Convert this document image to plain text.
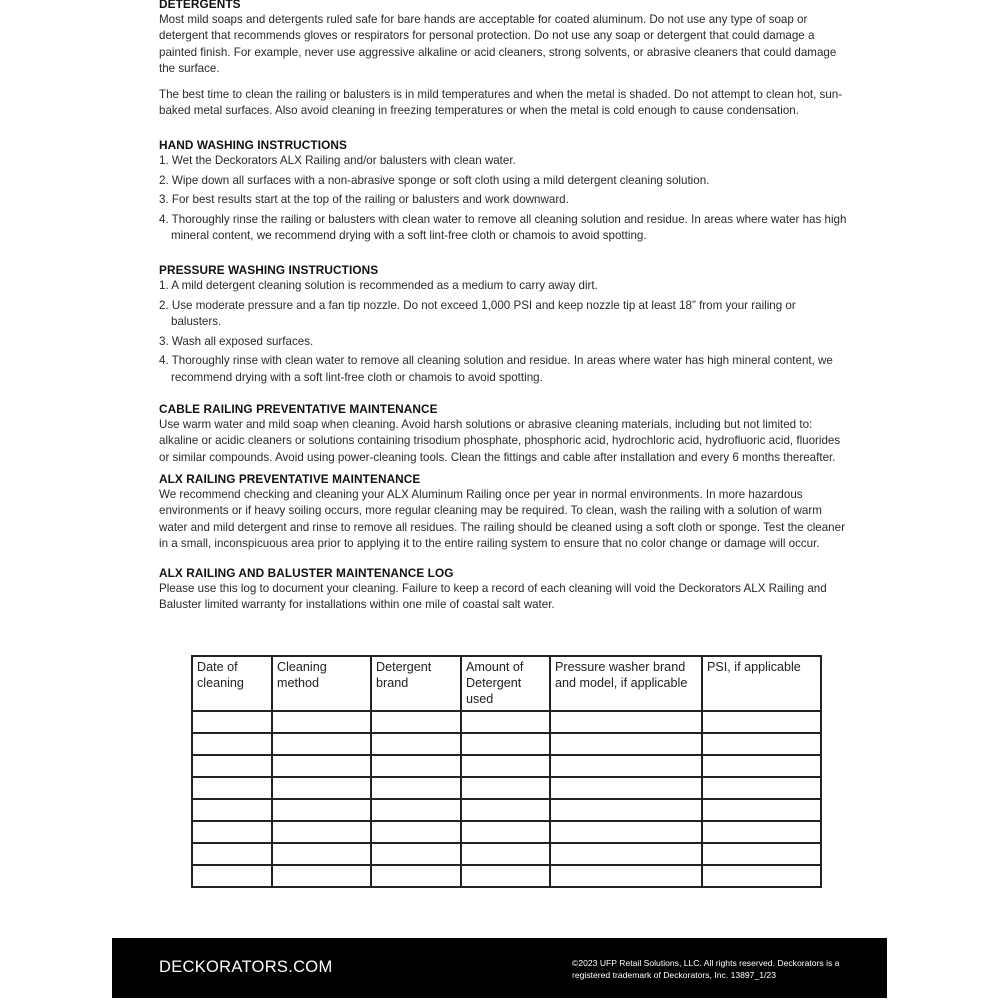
DETERGENTS

Most mild soaps and detergents ruled safe for bare hands are acceptable for coated aluminum. Do not use any type of soap or detergent that recommends gloves or respirators for personal protection. Do not use any soap or detergent that could damage a painted finish. For example, never use aggressive alkaline or acid cleaners, strong solvents, or abrasive cleaners that could damage the surface.

The best time to clean the railing or balusters is in mild temperatures and when the metal is shaded. Do not attempt to clean hot, sun-baked metal surfaces. Also avoid cleaning in freezing temperatures or when the metal is cold enough to cause condensation.

HAND WASHING INSTRUCTIONS
1. Wet the Deckorators ALX Railing and/or balusters with clean water.
2. Wipe down all surfaces with a non-abrasive sponge or soft cloth using a mild detergent cleaning solution.
3. For best results start at the top of the railing or balusters and work downward.
4. Thoroughly rinse the railing or balusters with clean water to remove all cleaning solution and residue. In areas where water has high mineral content, we recommend drying with a soft lint-free cloth or chamois to avoid spotting.
PRESSURE WASHING INSTRUCTIONS
1. A mild detergent cleaning solution is recommended as a medium to carry away dirt.
2. Use moderate pressure and a fan tip nozzle. Do not exceed 1,000 PSI and keep nozzle tip at least 18” from your railing or balusters.
3. Wash all exposed surfaces.
4. Thoroughly rinse with clean water to remove all cleaning solution and residue. In areas where water has high mineral content, we recommend drying with a soft lint-free cloth or chamois to avoid spotting.
CABLE RAILING PREVENTATIVE MAINTENANCE

Use warm water and mild soap when cleaning. Avoid harsh solutions or abrasive cleaning materials, including but not limited to: alkaline or acidic cleaners or solutions containing trisodium phosphate, phosphoric acid, hydrochloric acid, hydrofluoric acid, fluorides or similar compounds. Avoid using power-cleaning tools. Clean the fittings and cable after installation and every 6 months thereafter.

ALX RAILING PREVENTATIVE MAINTENANCE

We recommend checking and cleaning your ALX Aluminum Railing once per year in normal environments. In more hazardous environments or if heavy soiling occurs, more regular cleaning may be required. To clean, wash the railing with a solution of warm water and mild detergent and rinse to remove all residues. The railing should be cleaned using a soft cloth or sponge. Test the cleaner in a small, inconspicuous area prior to applying it to the entire railing system to ensure that no color change or damage will occur.

ALX RAILING AND BALUSTER MAINTENANCE LOG

Please use this log to document your cleaning. Failure to keep a record of each cleaning will void the Deckorators ALX Railing and Baluster limited warranty for installations within one mile of coastal salt water.

Date of cleaning	Cleaning method	Detergent brand	Amount of Detergent used	Pressure washer brand and model, if applicable	PSI, if applicable

DECKORATORS.COM	©2023 UFP Retail Solutions, LLC. All rights reserved. Deckorators is a registered trademark of Deckorators, Inc. 13897_1/23
